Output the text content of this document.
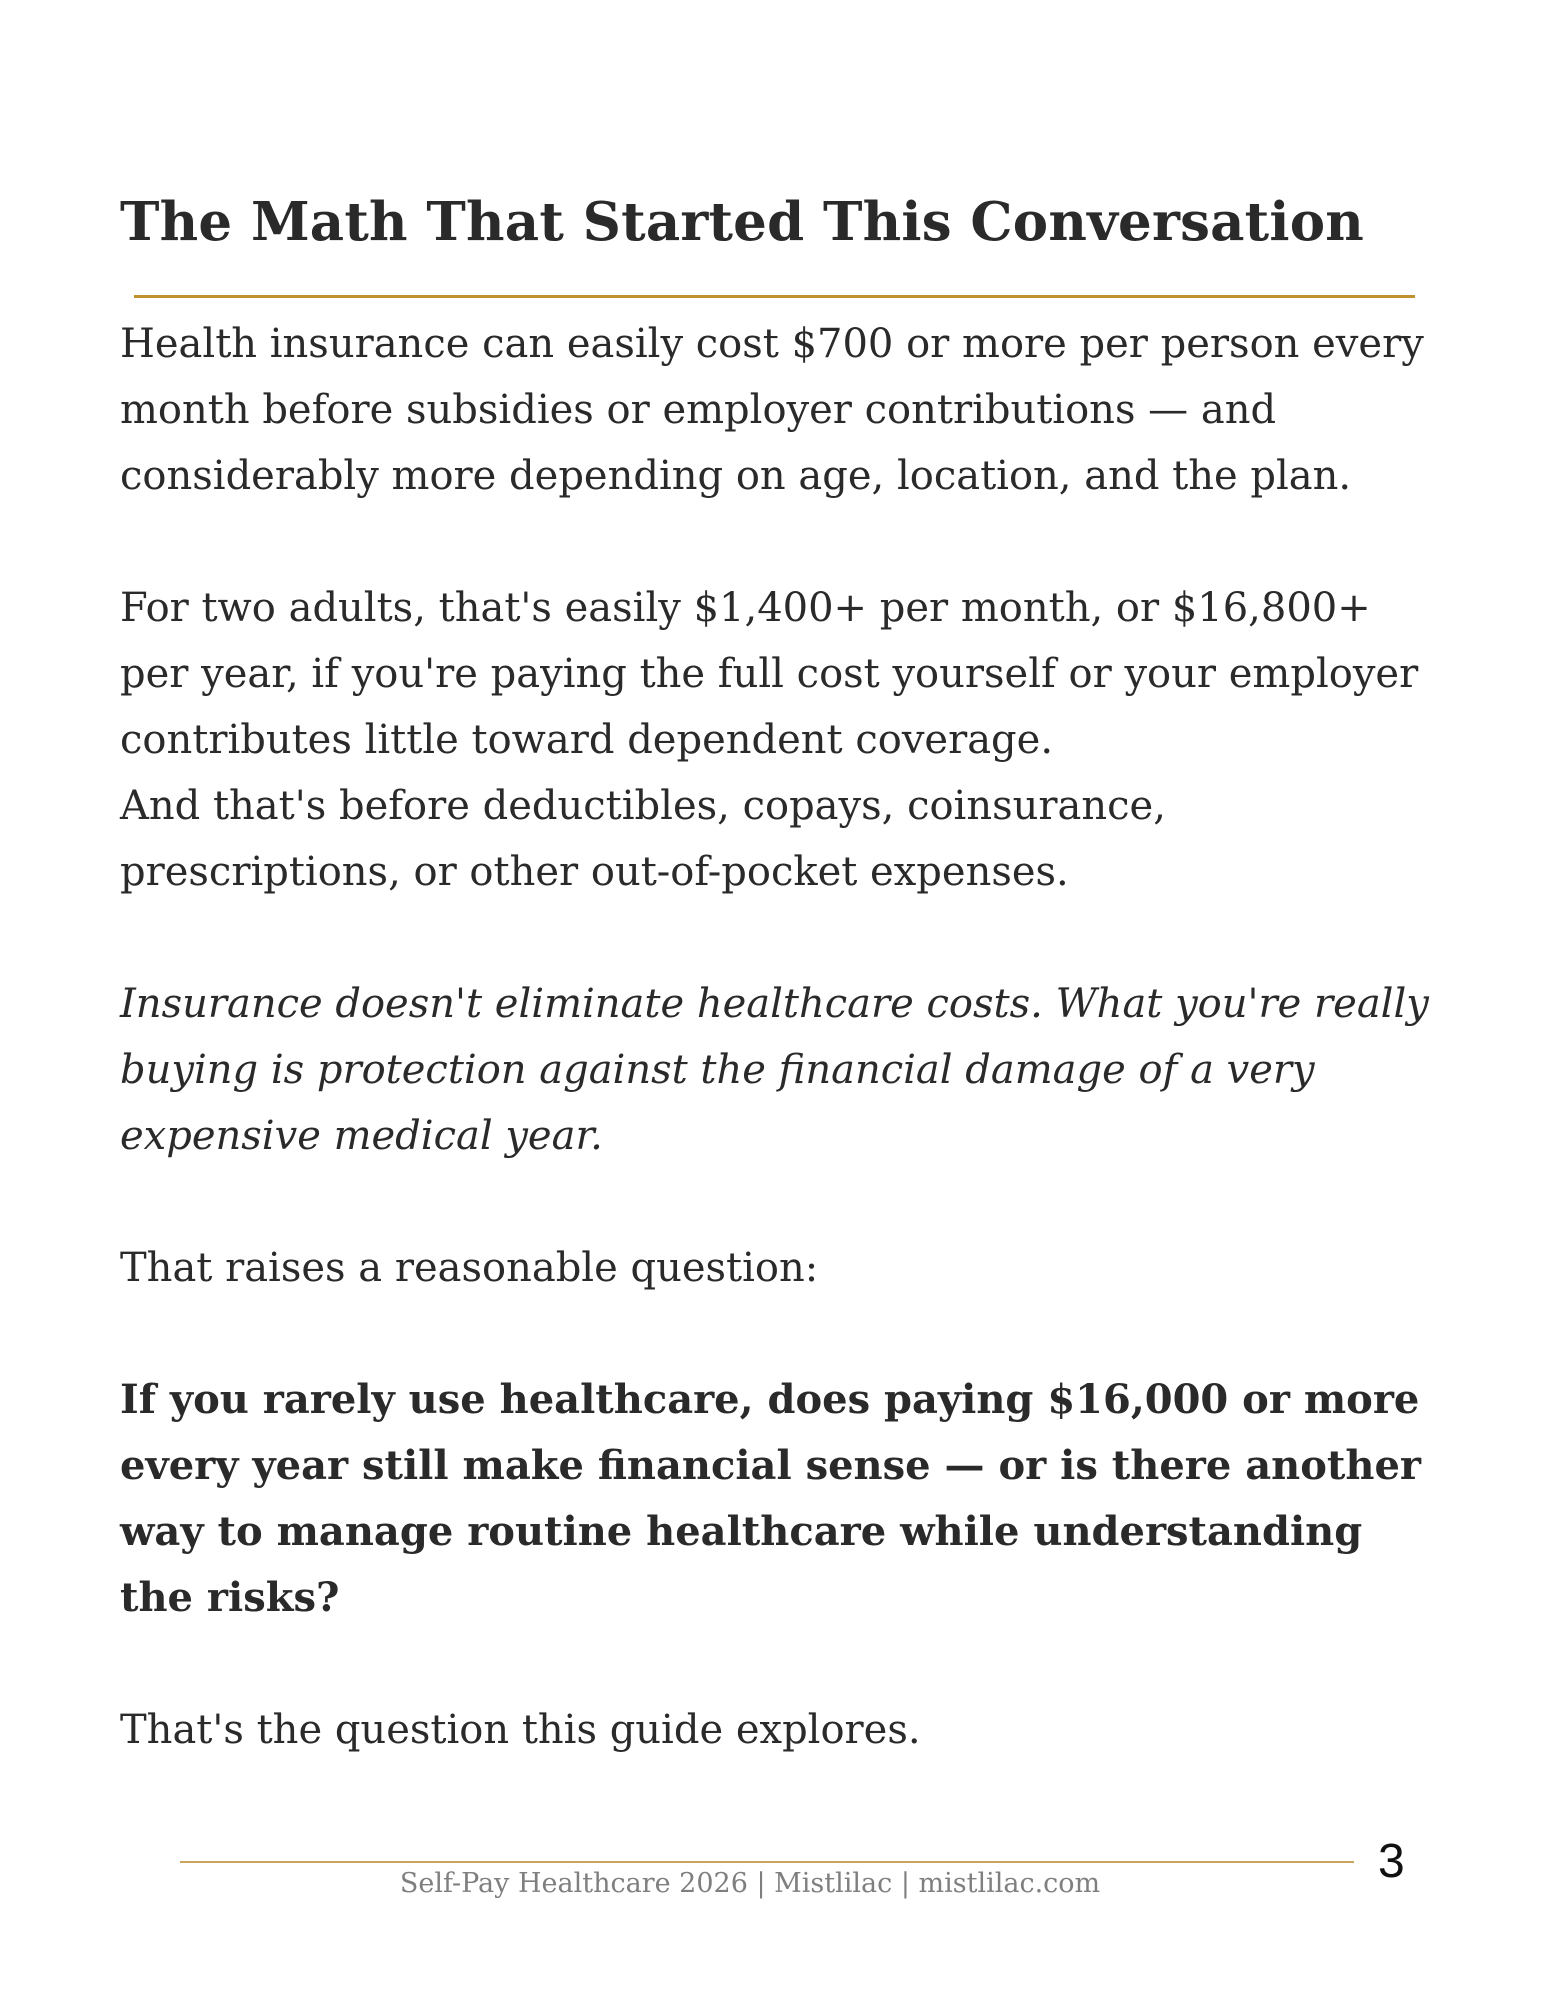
The Math That Started This Conversation

Health insurance can easily cost $700 or more per person every month before subsidies or employer contributions — and considerably more depending on age, location, and the plan.

For two adults, that's easily $1,400+ per month, or $16,800+ per year, if you're paying the full cost yourself or your employer contributes little toward dependent coverage.

And that's before deductibles, copays, coinsurance, prescriptions, or other out-of-pocket expenses.

Insurance doesn't eliminate healthcare costs. What you're really buying is protection against the financial damage of a very expensive medical year.

That raises a reasonable question:

If you rarely use healthcare, does paying $16,000 or more every year still make financial sense — or is there another way to manage routine healthcare while understanding the risks?

That's the question this guide explores.

Self-Pay Healthcare 2026 | Mistlilac | mistlilac.com	3
